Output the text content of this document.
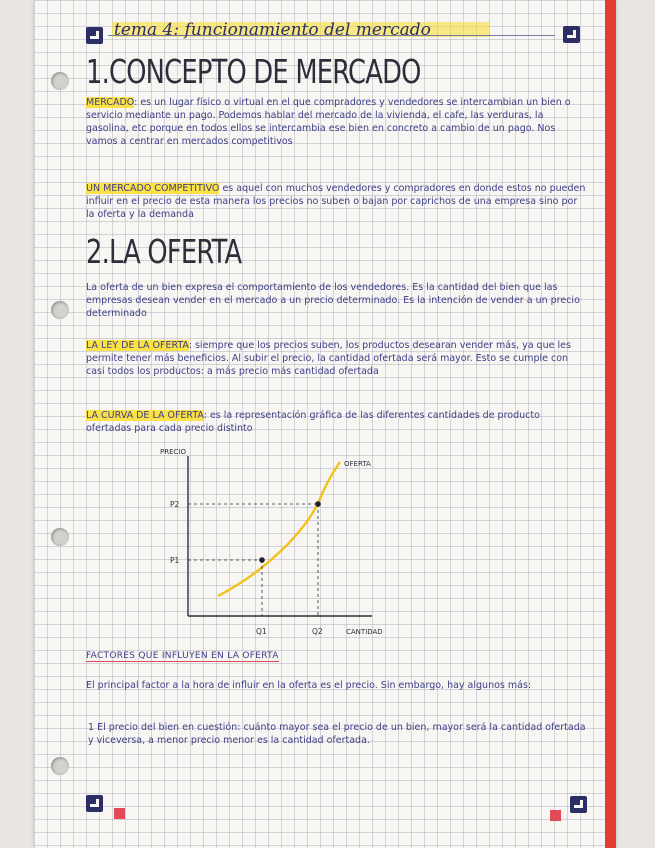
tema 4: funcionamiento del mercado
1.CONCEPTO DE MERCADO
MERCADO: es un lugar físico o virtual en el que compradores y vendedores se intercambian un bien o servicio mediante un pago. Podemos hablar del mercado de la vivienda, el cafe, las verduras, la gasolina, etc porque en todos ellos se intercambia ese bien en concreto a cambio de un pago. Nos vamos a centrar en mercados competitivos
UN MERCADO COMPETITIVO es aquel con muchos vendedores y compradores en donde estos no pueden influir en el precio de esta manera los precios no suben o bajan por caprichos de una empresa sino por la oferta y la demanda
2.LA OFERTA
La oferta de un bien expresa el comportamiento de los vendedores. Es la cantidad del bien que las empresas desean vender en el mercado a un precio determinado. Es la intención de vender a un precio determinado
LA LEY DE LA OFERTA: siempre que los precios suben, los productos desearan vender más, ya que les permite tener más beneficios. Al subir el precio, la cantidad ofertada será mayor. Esto se cumple con casi todos los productos: a más precio más cantidad ofertada
LA CURVA DE LA OFERTA: es la representación gráfica de las diferentes cantidades de producto ofertadas para cada precio distinto
PRECIO
CANTIDAD
OFERTA
P1
P2
Q1	Q2
FACTORES QUE INFLUYEN EN LA OFERTA
El principal factor a la hora de influir en la oferta es el precio. Sin embargo, hay algunos más:
1 El precio del bien en cuestión: cuánto mayor sea el precio de un bien, mayor será la cantidad ofertada y viceversa, a menor precio menor es la cantidad ofertada.
